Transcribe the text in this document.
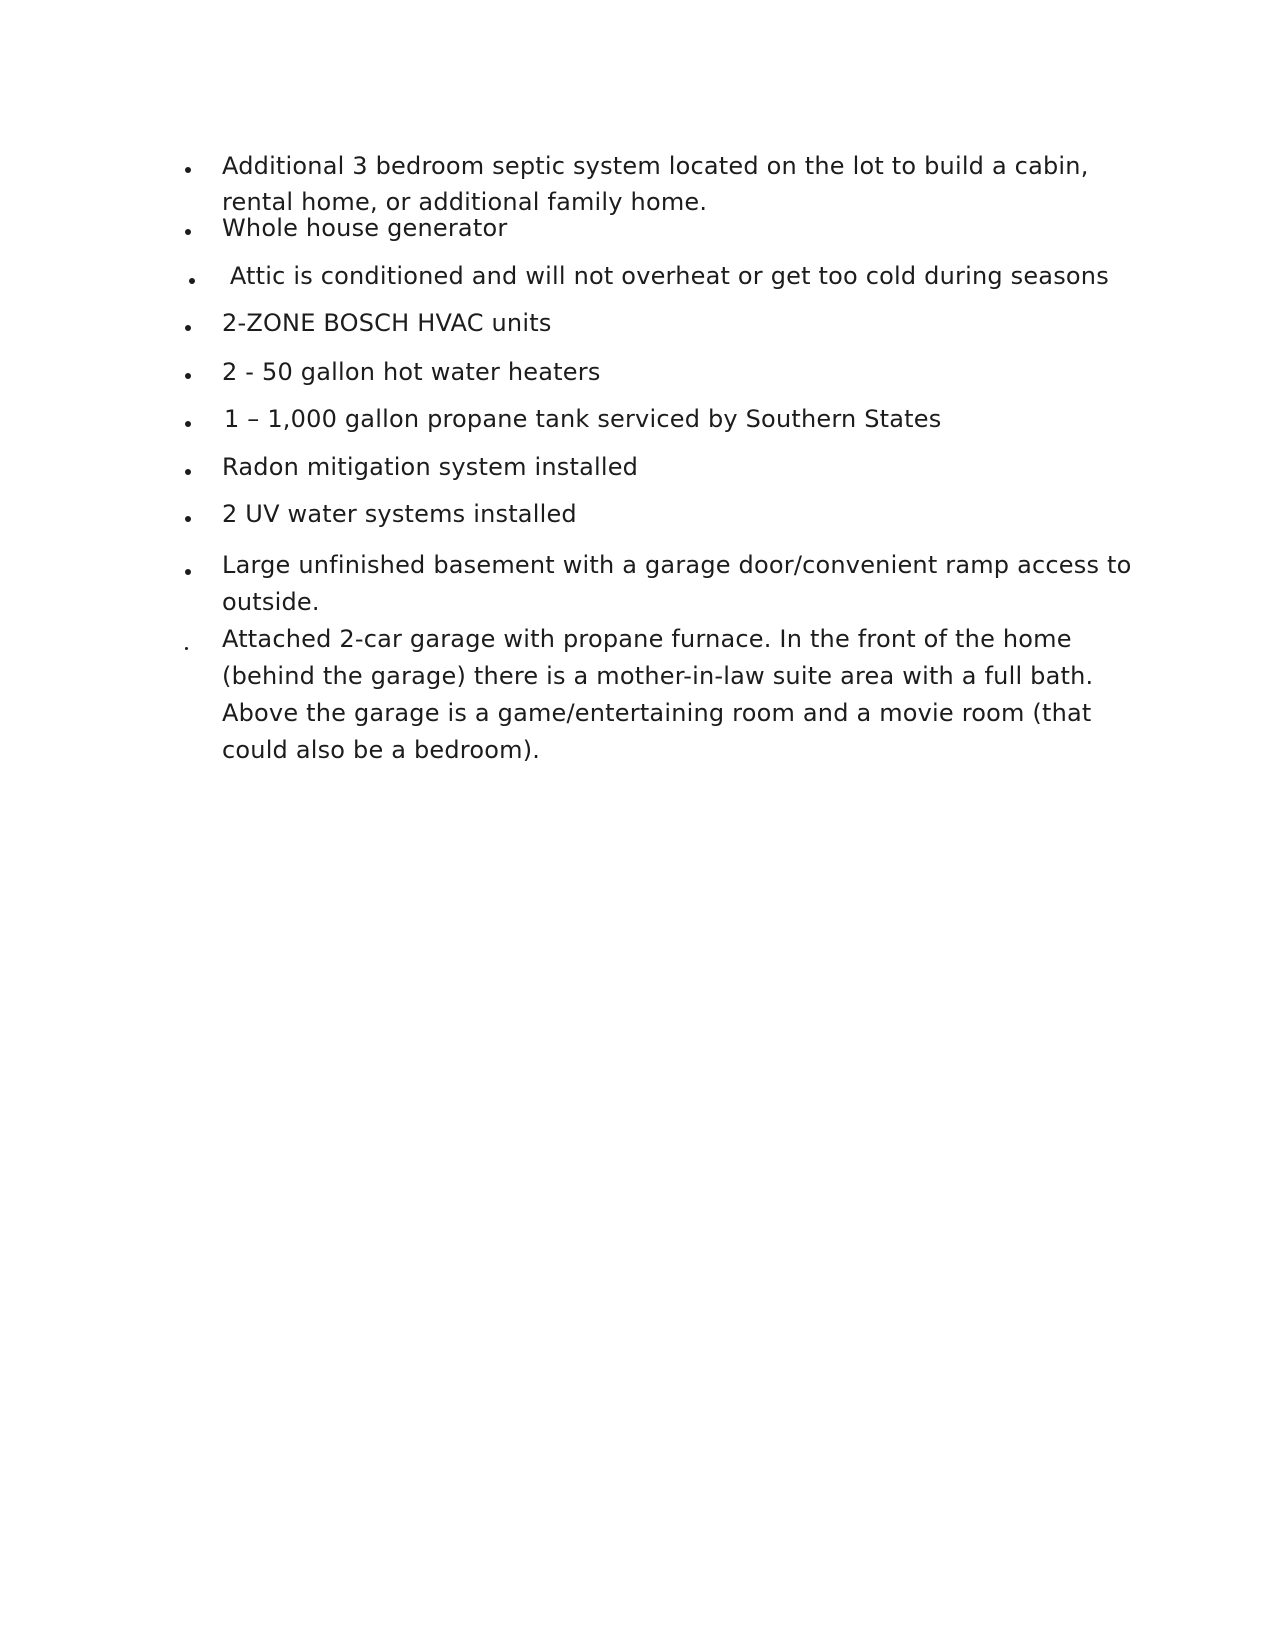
Additional 3 bedroom septic system located on the lot to build a cabin, rental home, or additional family home.
Whole house generator
Attic is conditioned and will not overheat or get too cold during seasons
2-ZONE BOSCH HVAC units
2 - 50 gallon hot water heaters
1 – 1,000 gallon propane tank serviced by Southern States
Radon mitigation system installed
2 UV water systems installed
Large unfinished basement with a garage door/convenient ramp access to outside.
Attached 2-car garage with propane furnace. In the front of the home (behind the garage) there is a mother-in-law suite area with a full bath. Above the garage is a game/entertaining room and a movie room (that could also be a bedroom).
